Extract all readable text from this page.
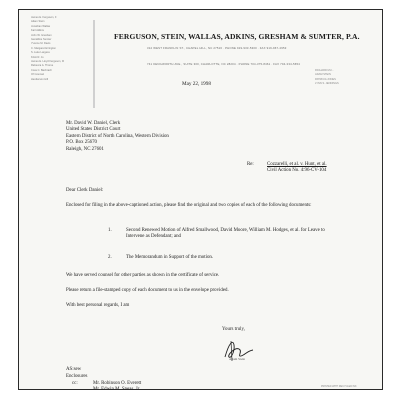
James E. Ferguson, II
Adam Stein
Jonathan Wallas
Karl Adkins
John W. Gresham
Geraldine Sumter
Yvonne M. Davis
C. Margaret Errington
S. Luke Largess
Kristi R. Jo
James E. Lloyd Ferguson, III
Rebecca A. Thorne
Coss C. Bachrach
Of Counsel
Henderson Hill
FERGUSON, STEIN, WALLAS, ADKINS, GRESHAM & SUMTER, P.A.
312 WEST FRANKLIN ST., CHAPEL HILL, NC 27516 . PHONE 919-933-5300 . FAX 919-967-4953
741 KENILWORTH AVE., SUITE 300, CHARLOTTE, NC 28204 . PHONE 704-375-8461 . FAX 704-334-5654
RICHARD MU...
ADAM STEIN
PATRICIA JONES
LYNN S. JENNINGS
May 22, 1998
Mr. David W. Daniel, Clerk
United States District Court
Eastern District of North Carolina, Western Division
P.O. Box 25670
Raleigh, NC 27601
Re:	Cozzarelli, et al. v. Hunt, et al.
Civil Action No. 4:96-CV-104
Dear Clerk Daniel:
Enclosed for filing in the above-captioned action, please find the original and two copies of each of the following documents:
1.	Second Renewed Motion of Alfred Smallwood, David Moore, William M. Hodges, et al. for Leave to Intervene as Defendant; and
2.	The Memorandum in Support of the motion.
We have served counsel for other parties as shown in the certificate of service.
Please return a file-stamped copy of each document to us in the envelope provided.
With best personal regards, I am
Yours truly,
Adam Stein
AS:sew
Enclosures
cc:	Mr. Robinson O. Everett
Mr. Edwin M. Speas, Jr.
PRINTED WITH RECYCLED INK
